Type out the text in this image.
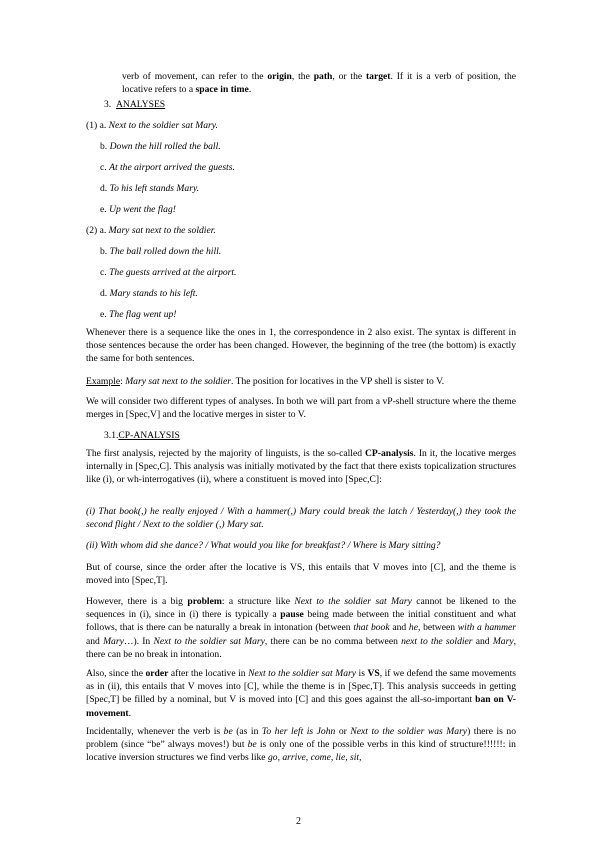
verb of movement, can refer to the origin, the path, or the target. If it is a verb of position, the locative refers to a space in time.

3. ANALYSES
(1) a. Next to the soldier sat Mary.
b. Down the hill rolled the ball.
c. At the airport arrived the guests.
d. To his left stands Mary.
e. Up went the flag!
(2) a. Mary sat next to the soldier.
b. The ball rolled down the hill.
c. The guests arrived at the airport.
d. Mary stands to his left.
e. The flag went up!

Whenever there is a sequence like the ones in 1, the correspondence in 2 also exist. The syntax is different in those sentences because the order has been changed. However, the beginning of the tree (the bottom) is exactly the same for both sentences.

Example: Mary sat next to the soldier. The position for locatives in the VP shell is sister to V.

We will consider two different types of analyses. In both we will part from a vP-shell structure where the theme merges in [Spec,V] and the locative merges in sister to V.

3.1.CP-ANALYSIS

The first analysis, rejected by the majority of linguists, is the so-called CP-analysis. In it, the locative merges internally in [Spec,C]. This analysis was initially motivated by the fact that there exists topicalization structures like (i), or wh-interrogatives (ii), where a constituent is moved into [Spec,C]:

(i) That book(,) he really enjoyed / With a hammer(,) Mary could break the latch / Yesterday(,) they took the second flight / Next to the soldier (,) Mary sat.

(ii) With whom did she dance? / What would you like for breakfast? / Where is Mary sitting?

But of course, since the order after the locative is VS, this entails that V moves into [C], and the theme is moved into [Spec,T].

However, there is a big problem: a structure like Next to the soldier sat Mary cannot be likened to the sequences in (i), since in (i) there is typically a pause being made between the initial constituent and what follows, that is there can be naturally a break in intonation (between that book and he, between with a hammer and Mary…). In Next to the soldier sat Mary, there can be no comma between next to the soldier and Mary, there can be no break in intonation.

Also, since the order after the locative in Next to the soldier sat Mary is VS, if we defend the same movements as in (ii), this entails that V moves into [C], while the theme is in [Spec,T]. This analysis succeeds in getting [Spec,T] be filled by a nominal, but V is moved into [C] and this goes against the all-so-important ban on V-movement.

Incidentally, whenever the verb is be (as in To her left is John or Next to the soldier was Mary) there is no problem (since “be” always moves!) but be is only one of the possible verbs in this kind of structure!!!!!!: in locative inversion structures we find verbs like go, arrive, come, lie, sit,

2
